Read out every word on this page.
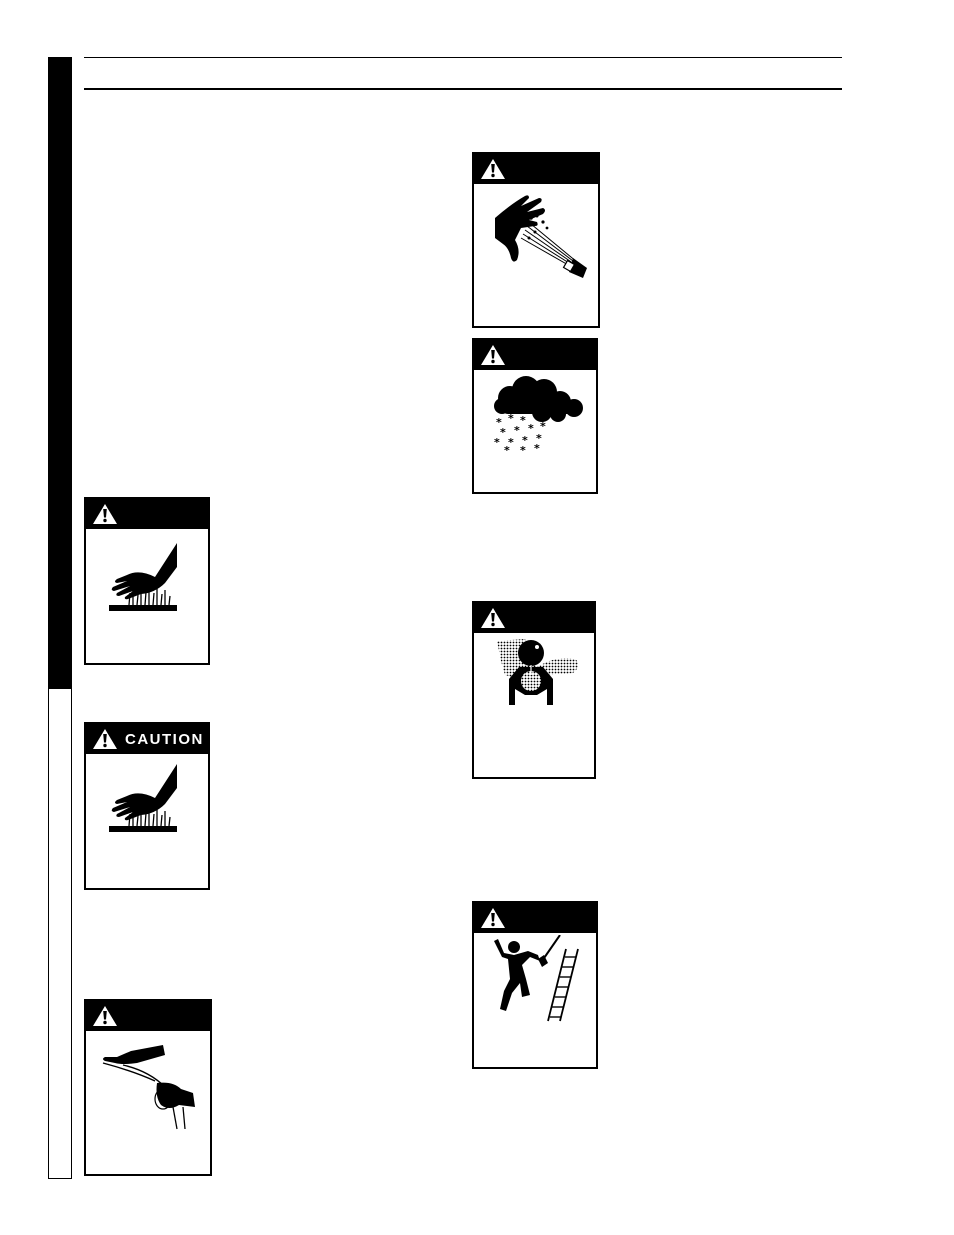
CAUTION
* * *
* * * *
* * * *
* * *
